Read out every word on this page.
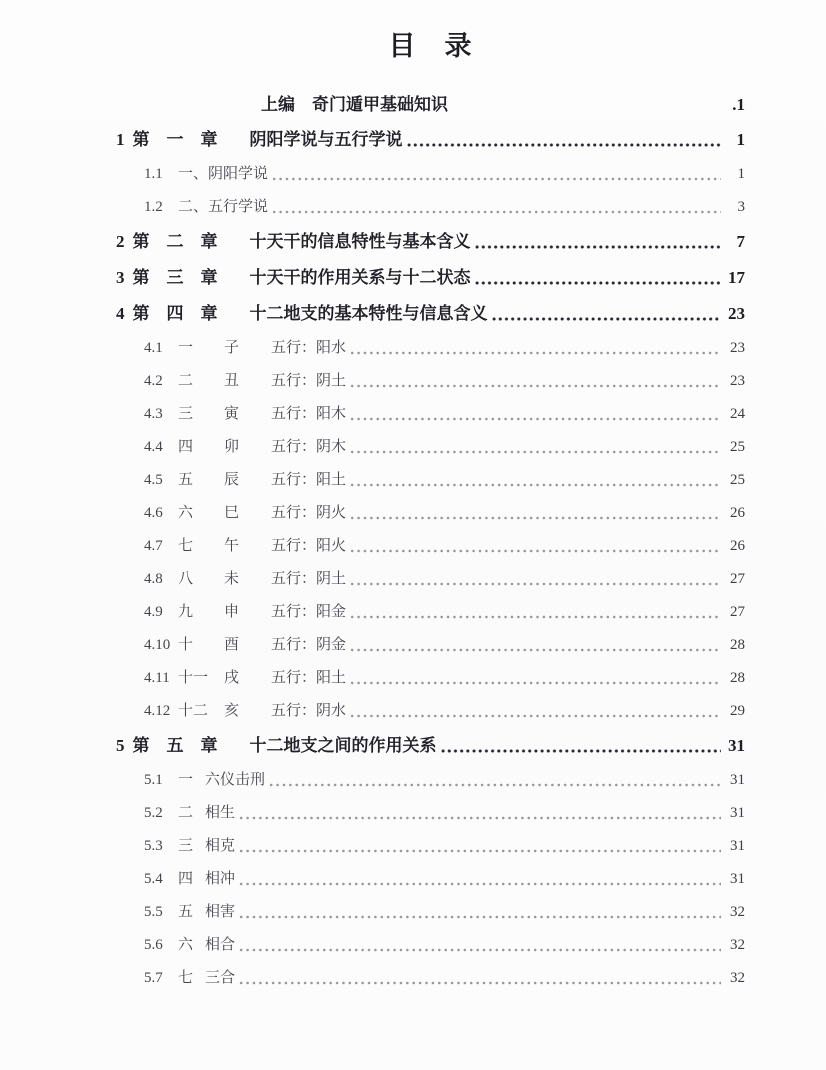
目　录
上编　奇门遁甲基础知识	.1
1 第　一　章 阴阳学说与五行学说	1
1.1	一、阴阳学说	1
1.2	二、五行学说	3
2 第　二　章 十天干的信息特性与基本含义	7
3 第　三　章 十天干的作用关系与十二状态	17
4 第　四　章 十二地支的基本特性与信息含义	23
4.1	一	子	五行：阳水	23
4.2	二	丑	五行：阴土	23
4.3	三	寅	五行：阳木	24
4.4	四	卯	五行：阴木	25
4.5	五	辰	五行：阳土	25
4.6	六	巳	五行：阴火	26
4.7	七	午	五行：阳火	26
4.8	八	未	五行：阴土	27
4.9	九	申	五行：阳金	27
4.10 十	酉	五行：阴金	28
4.11 十一	戌	五行：阳土	28
4.12 十二	亥	五行：阴水	29
5 第　五　章 十二地支之间的作用关系	31
5.1	一 六仪击刑	31
5.2	二 相生	31
5.3	三 相克	31
5.4	四 相冲	31
5.5	五 相害	32
5.6	六 相合	32
5.7	七 三合	32
